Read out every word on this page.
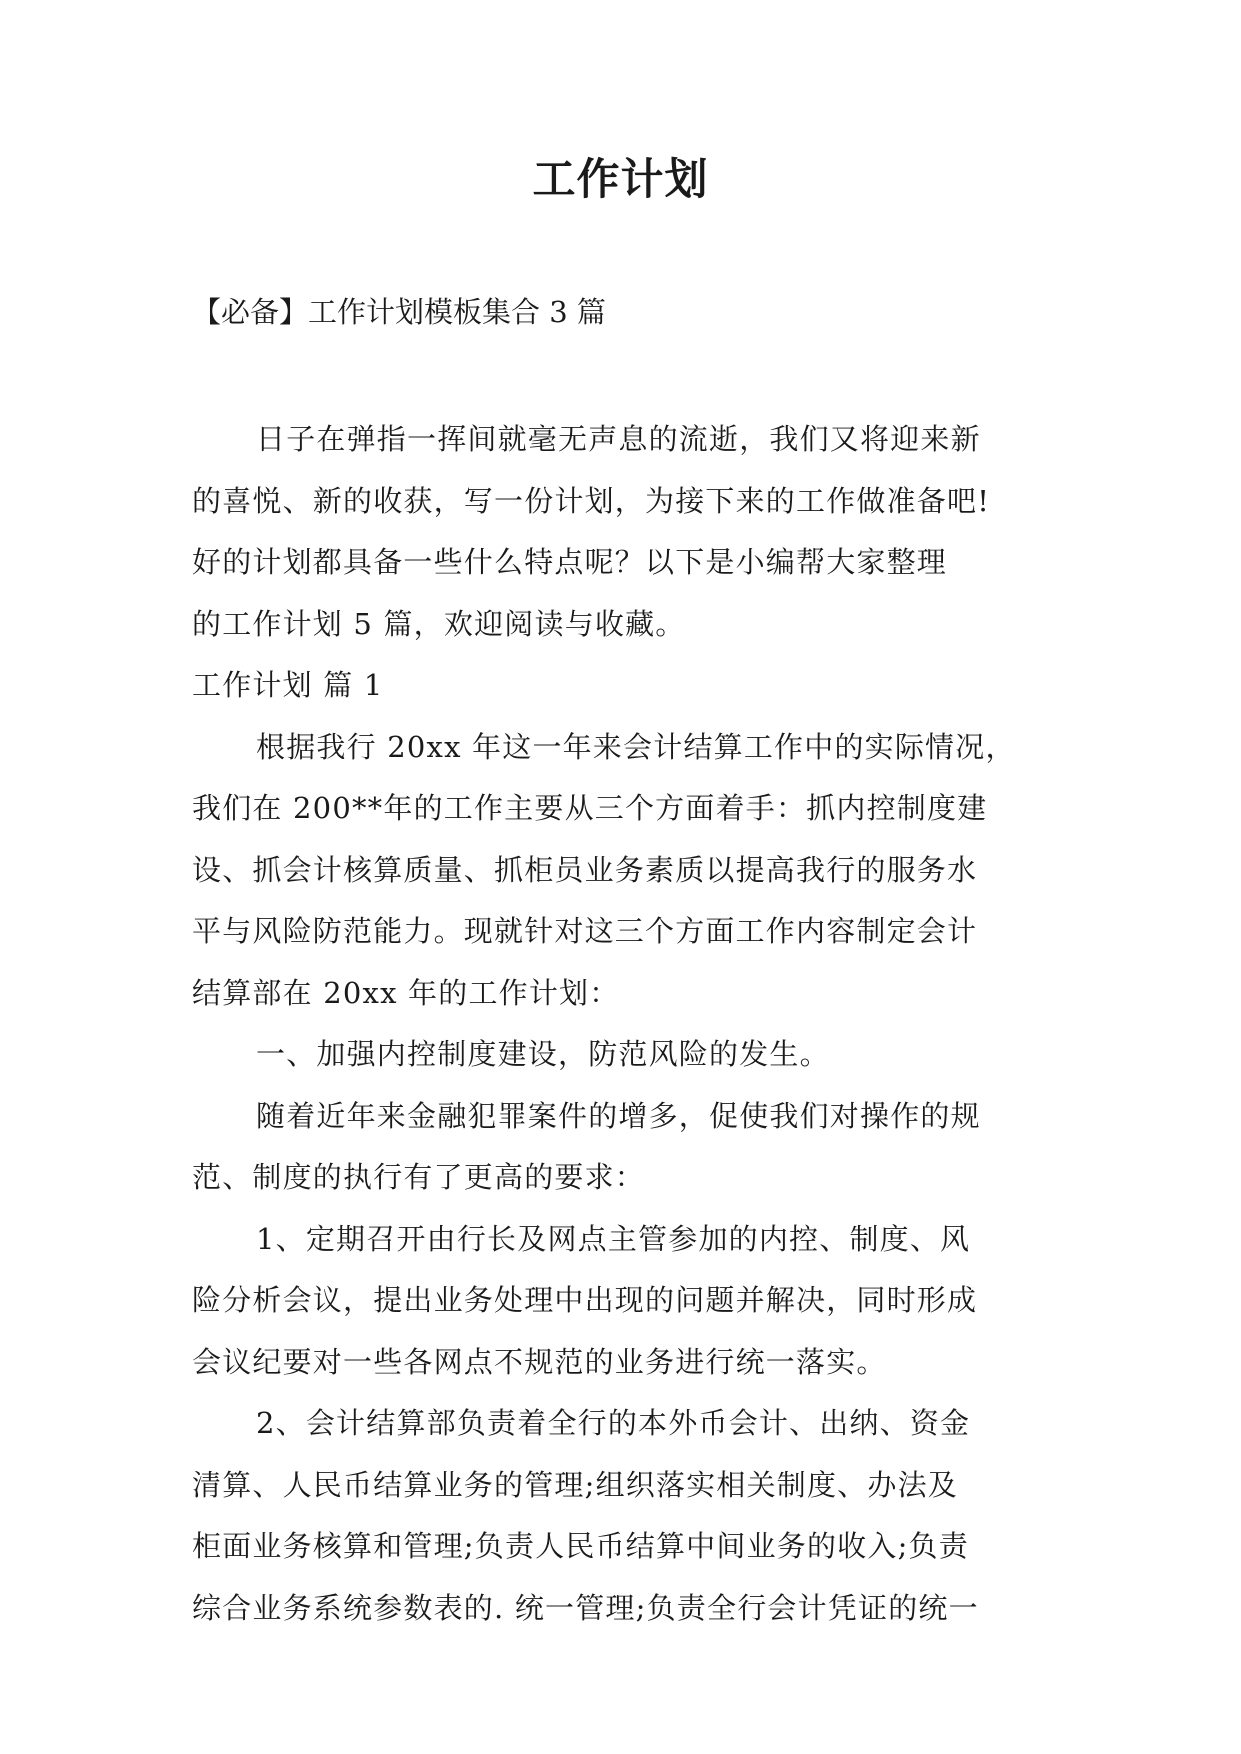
工作计划
【必备】工作计划模板集合 3 篇
日子在弹指一挥间就毫无声息的流逝，我们又将迎来新
的喜悦、新的收获，写一份计划，为接下来的工作做准备吧!
好的计划都具备一些什么特点呢？以下是小编帮大家整理
的工作计划 5 篇，欢迎阅读与收藏。
工作计划 篇 1
根据我行 20xx 年这一年来会计结算工作中的实际情况，
我们在 200**年的工作主要从三个方面着手：抓内控制度建
设、抓会计核算质量、抓柜员业务素质以提高我行的服务水
平与风险防范能力。现就针对这三个方面工作内容制定会计
结算部在 20xx 年的工作计划：
一、加强内控制度建设，防范风险的发生。
随着近年来金融犯罪案件的增多，促使我们对操作的规
范、制度的执行有了更高的要求：
1、定期召开由行长及网点主管参加的内控、制度、风
险分析会议，提出业务处理中出现的问题并解决，同时形成
会议纪要对一些各网点不规范的业务进行统一落实。
2、会计结算部负责着全行的本外币会计、出纳、资金
清算、人民币结算业务的管理;组织落实相关制度、办法及
柜面业务核算和管理;负责人民币结算中间业务的收入;负责
综合业务系统参数表的. 统一管理;负责全行会计凭证的统一
